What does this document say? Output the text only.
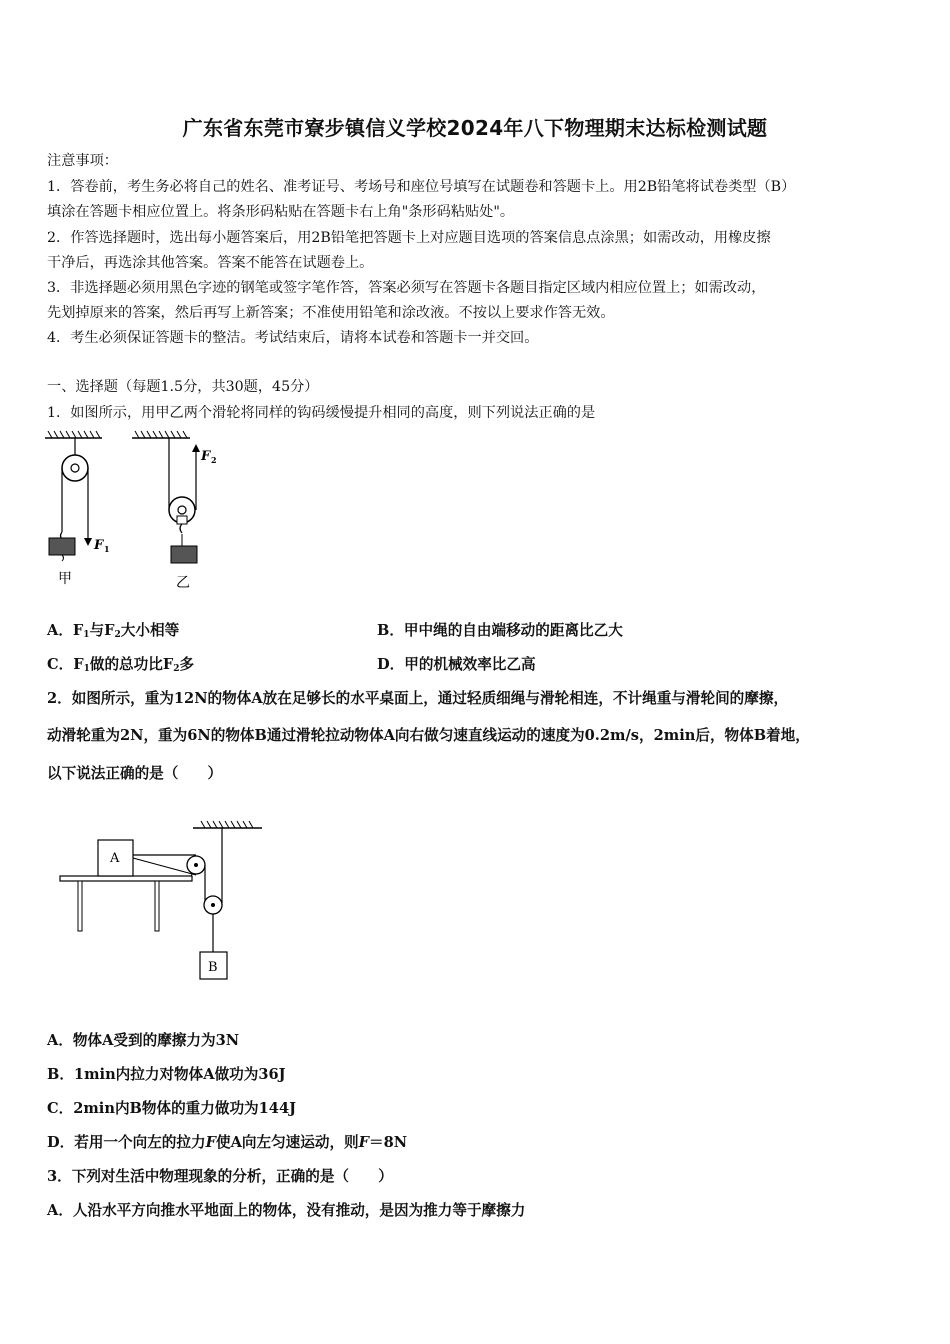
广东省东莞市寮步镇信义学校2024年八下物理期末达标检测试题
注意事项：
1．答卷前，考生务必将自己的姓名、准考证号、考场号和座位号填写在试题卷和答题卡上。用2B铅笔将试卷类型（B）
填涂在答题卡相应位置上。将条形码粘贴在答题卡右上角"条形码粘贴处"。
2．作答选择题时，选出每小题答案后，用2B铅笔把答题卡上对应题目选项的答案信息点涂黑；如需改动，用橡皮擦
干净后，再选涂其他答案。答案不能答在试题卷上。
3．非选择题必须用黑色字迹的钢笔或签字笔作答，答案必须写在答题卡各题目指定区域内相应位置上；如需改动，
先划掉原来的答案，然后再写上新答案；不准使用铅笔和涂改液。不按以上要求作答无效。
4．考生必须保证答题卡的整洁。考试结束后，请将本试卷和答题卡一并交回。
一、选择题（每题1.5分，共30题，45分）
1．如图所示，用甲乙两个滑轮将同样的钩码缓慢提升相同的高度，则下列说法正确的是
F 1
甲
F 2
乙
A．$F_1$与$F_2$大小相等	B．甲中绳的自由端移动的距离比乙大
C．$F_1$做的总功比$F_2$多	D．甲的机械效率比乙高
2．如图所示，重为12N的物体A放在足够长的水平桌面上，通过轻质细绳与滑轮相连，不计绳重与滑轮间的摩擦，
动滑轮重为2N，重为6N的物体B通过滑轮拉动物体A向右做匀速直线运动的速度为0.2m/s，2min后，物体B着地，
以下说法正确的是（　　）
A
B
A．物体A受到的摩擦力为3N
B．1min内拉力对物体A做功为36J
C．2min内B物体的重力做功为144J
D．若用一个向左的拉力F使A向左匀速运动，则F＝8N
3．下列对生活中物理现象的分析，正确的是（　　）
A．人沿水平方向推水平地面上的物体，没有推动，是因为推力等于摩擦力
